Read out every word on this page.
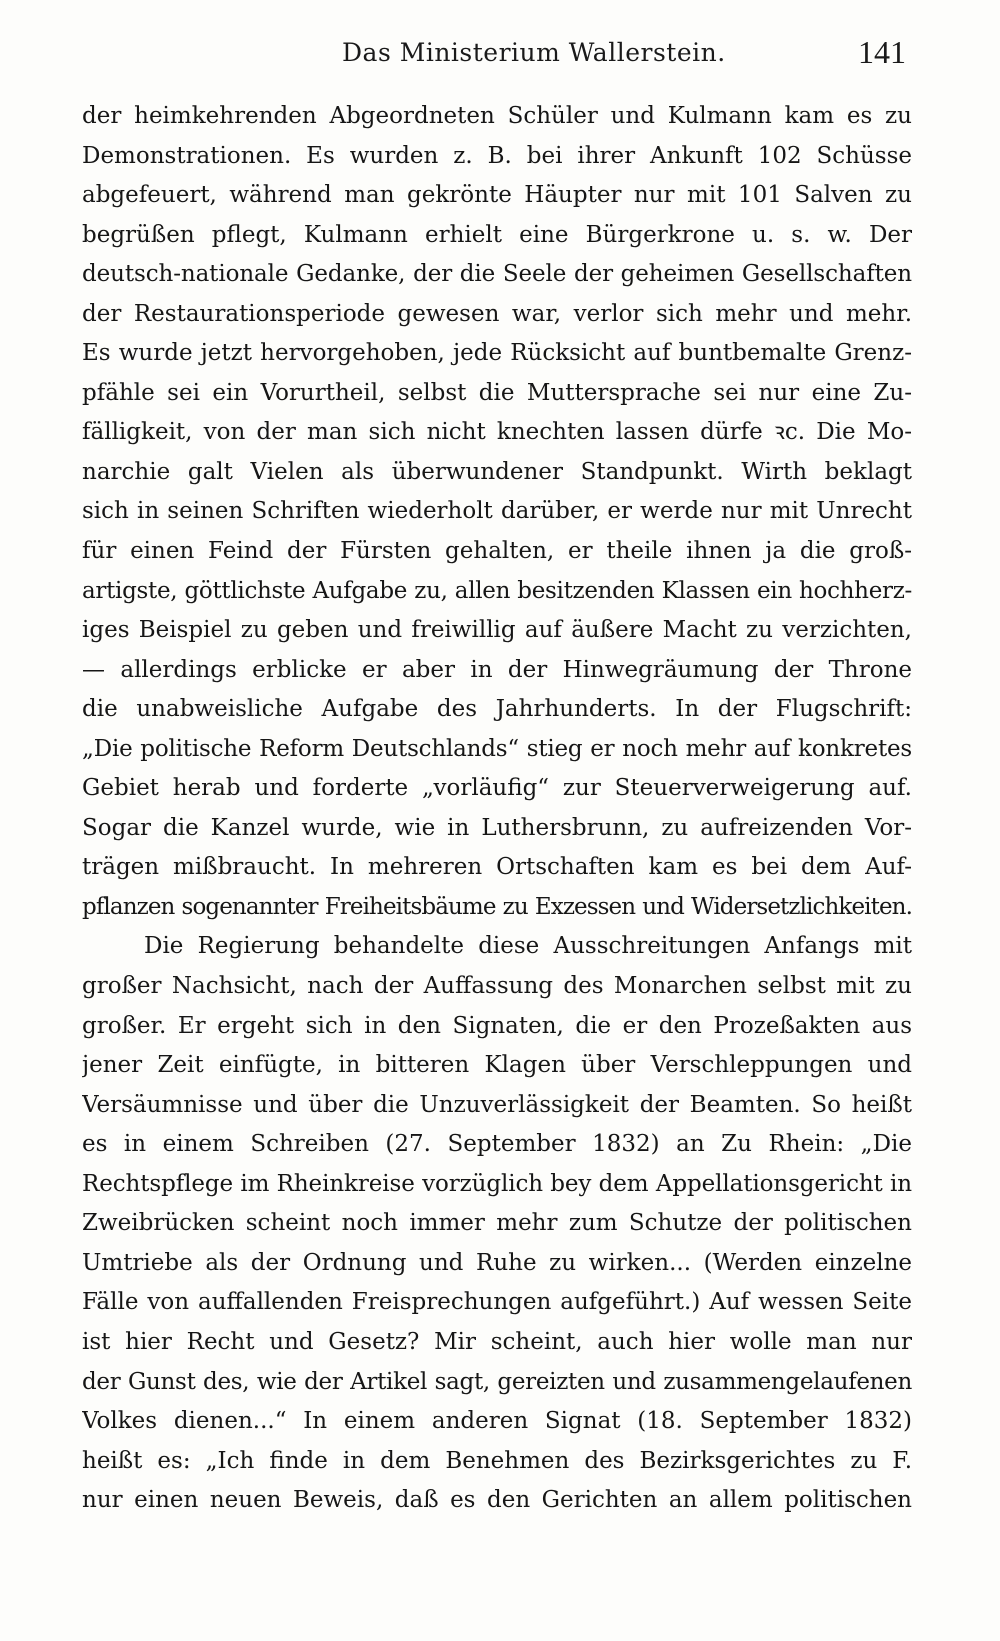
Das Ministerium Wallerstein.	141
der heimkehrenden Abgeordneten Schüler und Kulmann kam es zu
Demonstrationen. Es wurden z. B. bei ihrer Ankunft 102 Schüsse
abgefeuert, während man gekrönte Häupter nur mit 101 Salven zu
begrüßen pflegt, Kulmann erhielt eine Bürgerkrone u. s. w. Der
deutsch-nationale Gedanke, der die Seele der geheimen Gesellschaften
der Restaurationsperiode gewesen war, verlor sich mehr und mehr.
Es wurde jetzt hervorgehoben, jede Rücksicht auf buntbemalte Grenz-
pfähle sei ein Vorurtheil, selbst die Muttersprache sei nur eine Zu-
fälligkeit, von der man sich nicht knechten lassen dürfe ꝛc. Die Mo-
narchie galt Vielen als überwundener Standpunkt. Wirth beklagt
sich in seinen Schriften wiederholt darüber, er werde nur mit Unrecht
für einen Feind der Fürsten gehalten, er theile ihnen ja die groß-
artigste, göttlichste Aufgabe zu, allen besitzenden Klassen ein hochherz-
iges Beispiel zu geben und freiwillig auf äußere Macht zu verzichten,
— allerdings erblicke er aber in der Hinwegräumung der Throne
die unabweisliche Aufgabe des Jahrhunderts. In der Flugschrift:
„Die politische Reform Deutschlands“ stieg er noch mehr auf konkretes
Gebiet herab und forderte „vorläufig“ zur Steuerverweigerung auf.
Sogar die Kanzel wurde, wie in Luthersbrunn, zu aufreizenden Vor-
trägen mißbraucht. In mehreren Ortschaften kam es bei dem Auf-
pflanzen sogenannter Freiheitsbäume zu Exzessen und Widersetzlichkeiten.
Die Regierung behandelte diese Ausschreitungen Anfangs mit
großer Nachsicht, nach der Auffassung des Monarchen selbst mit zu
großer. Er ergeht sich in den Signaten, die er den Prozeßakten aus
jener Zeit einfügte, in bitteren Klagen über Verschleppungen und
Versäumnisse und über die Unzuverlässigkeit der Beamten. So heißt
es in einem Schreiben (27. September 1832) an Zu Rhein: „Die
Rechtspflege im Rheinkreise vorzüglich bey dem Appellationsgericht in
Zweibrücken scheint noch immer mehr zum Schutze der politischen
Umtriebe als der Ordnung und Ruhe zu wirken... (Werden einzelne
Fälle von auffallenden Freisprechungen aufgeführt.) Auf wessen Seite
ist hier Recht und Gesetz? Mir scheint, auch hier wolle man nur
der Gunst des, wie der Artikel sagt, gereizten und zusammengelaufenen
Volkes dienen...“ In einem anderen Signat (18. September 1832)
heißt es: „Ich finde in dem Benehmen des Bezirksgerichtes zu F.
nur einen neuen Beweis, daß es den Gerichten an allem politischen
